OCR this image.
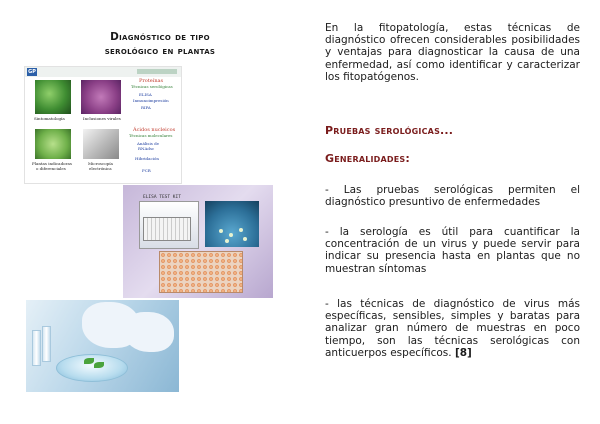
Diagnóstico de tipo
serológico en plantas
GP
Sintomatología	Inclusiones virales
Plantas indicadoras
o diferenciales
Microscopía
electrónica
Proteínas
Técnicas serológicas
ELISA
Inmunoimpresión
RIPA
Ácidos nucleicos
Técnicas moleculares
Análisis de
RNAdsc
Hibridación
PCR
ELISA TEST KIT
En la fitopatología, estas técnicas de diagnóstico ofrecen considerables posibilidades y ventajas para diagnosticar la causa de una enfermedad, así como identificar y caracterizar los fitopatógenos.
Pruebas serológicas...
Generalidades:
- Las pruebas serológicas permiten el diagnóstico presuntivo de enfermedades
- la serología es útil para cuantificar la concentración de un virus y puede servir para indicar su presencia hasta en plantas que no muestran síntomas
- las técnicas de diagnóstico de virus más específicas, sensibles, simples y baratas para analizar gran número de muestras en poco tiempo, son las técnicas serológicas con anticuerpos específicos. [8]
